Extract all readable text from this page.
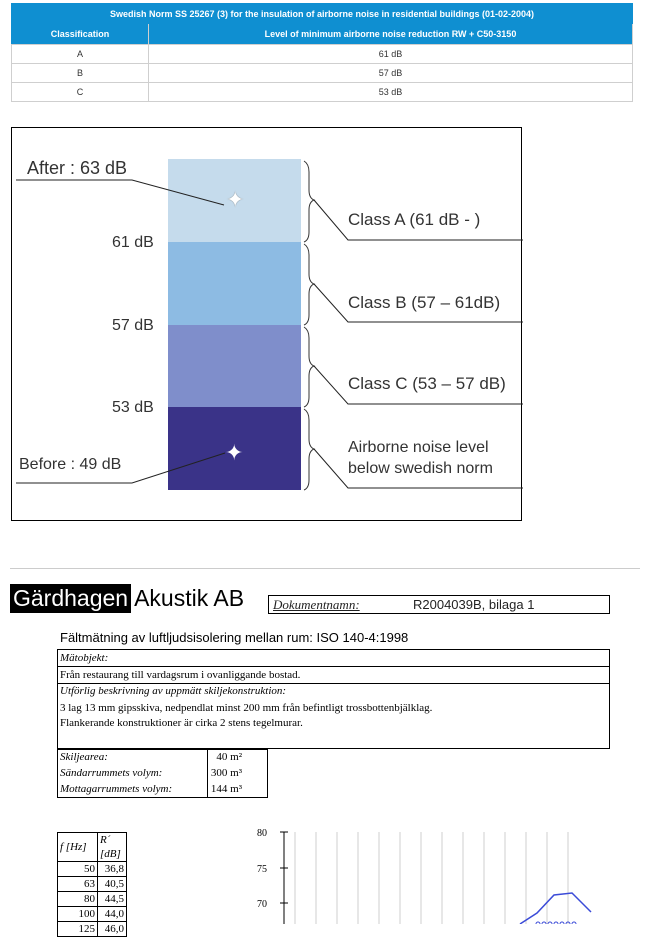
Swedish Norm SS 25267 (3) for the insulation of airborne noise in residential buildings (01-02-2004)	
Classification	Level of minimum airborne noise reduction RW + C50-3150
A	61 dB
B	57 dB
C	53 dB
✦
✦
After : 63 dB
Before : 49 dB
61 dB
57 dB
53 dB
Class A (61 dB - )
Class B (57 – 61dB)
Class C (53 – 57 dB)
Airborne noise level
below swedish norm
Gärdhagen Akustik AB	Dokumentnamn:	R2004039B, bilaga 1
Fältmätning av luftljudsisolering mellan rum: ISO 140-4:1998
Mätobjekt:
Från restaurang till vardagsrum i ovanliggande bostad.
Utförlig beskrivning av uppmätt skiljekonstruktion:
3 lag 13 mm gipsskiva, nedpendlat minst 200 mm från befintligt trossbottenbjälklag.
Flankerande konstruktioner är cirka 2 stens tegelmurar.
Skiljearea:	40 m²
Sändarrummets volym:	300 m³
Mottagarrummets volym:	144 m³
f [Hz]	R´ [dB]
50	36,8
63	40,5
80	44,5
100	44,0
125	46,0
80
75
70
